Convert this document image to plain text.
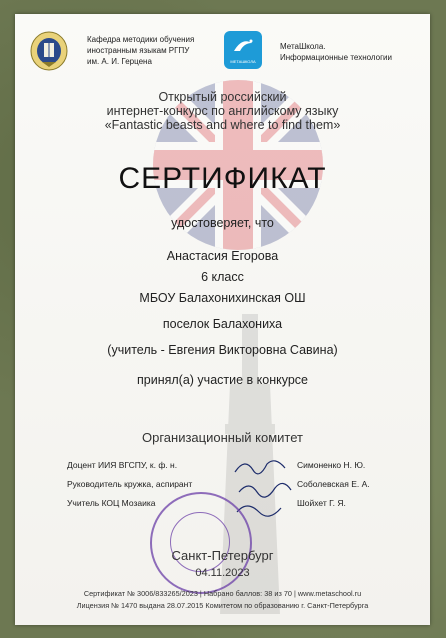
Кафедра методики обучения
иностранным языкам РГПУ
им. А. И. Герцена	МЕТАШКОЛА
МетаШкола.
Информационные технологии
Открытый российский
интернет-конкурс по английскому языку
«Fantastic beasts and where to find them»
СЕРТИФИКАТ
удостоверяет, что
Анастасия Егорова
6 класс
МБОУ Балахонихинская ОШ
поселок Балахониха
(учитель - Евгения Викторовна Савина)
принял(а) участие в конкурсе
Организационный комитет
Доцент ИИЯ ВГСПУ, к. ф. н.	Симоненко Н. Ю.
Руководитель кружка, аспирант	Соболевская Е. А.
Учитель КОЦ Мозаика	Шойхет Г. Я.
Санкт-Петербург
04.11.2023
Сертификат № 3006/833265/2023 | Набрано баллов: 38 из 70 | www.metaschool.ru
Лицензия № 1470 выдана 28.07.2015 Комитетом по образованию г. Санкт-Петербурга
